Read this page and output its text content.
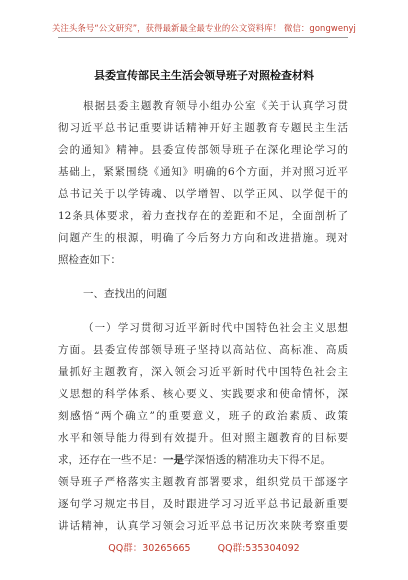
关注头条号“公文研究”，获得最新最全最专业的公文资料库！ 微信：gongwenyj
县委宣传部民主生活会领导班子对照检查材料
根据县委主题教育领导小组办公室《关于认真学习贯
彻习近平总书记重要讲话精神开好主题教育专题民主生活
会的通知》精神。县委宣传部领导班子在深化理论学习的
基础上，紧紧围绕《通知》明确的6个方面，并对照习近平
总书记关于以学铸魂、以学增智、以学正风、以学促干的
12条具体要求，着力查找存在的差距和不足，全面剖析了
问题产生的根源，明确了今后努力方向和改进措施。现对
照检查如下：
一、查找出的问题
（一）学习贯彻习近平新时代中国特色社会主义思想
方面。县委宣传部领导班子坚持以高站位、高标准、高质
量抓好主题教育，深入领会习近平新时代中国特色社会主
义思想的科学体系、核心要义、实践要求和使命情怀，深
刻感悟“两个确立”的重要意义，班子的政治素质、政策
水平和领导能力得到有效提升。但对照主题教育的目标要
求，还存在一些不足：一是学深悟透的精准功夫下得不足。
领导班子严格落实主题教育部署要求，组织党员干部逐字
逐句学习规定书目，及时跟进学习习近平总书记最新重要
讲话精神，认真学习领会习近平总书记历次来陕考察重要
QQ群：30265665	QQ群:535304092
